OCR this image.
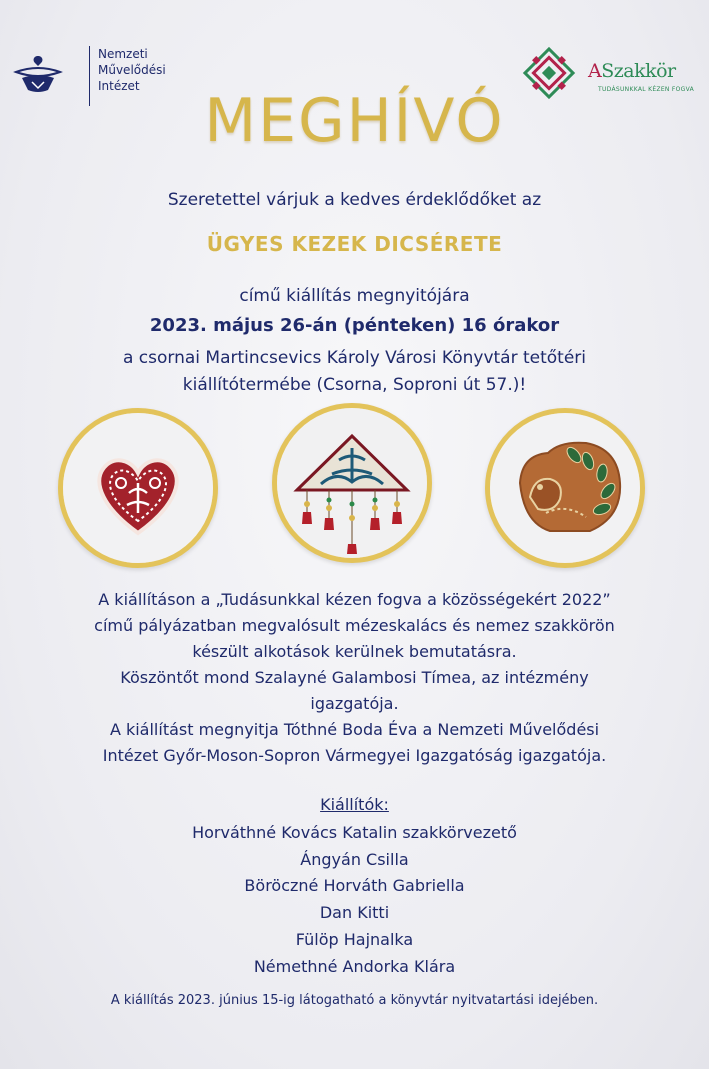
Nemzeti
Művelődési
Intézet
ASzakkör
TUDÁSUNKKAL KÉZEN FOGVA
MEGHÍVÓ
Szeretettel várjuk a kedves érdeklődőket az
ÜGYES KEZEK DICSÉRETE
című kiállítás megnyitójára
2023. május 26-án (pénteken) 16 órakor
a csornai Martincsevics Károly Városi Könyvtár tetőtéri
kiállítótermébe (Csorna, Soproni út 57.)!
A kiállításon a „Tudásunkkal kézen fogva a közösségekért 2022”
című pályázatban megvalósult mézeskalács és nemez szakkörön
készült alkotások kerülnek bemutatásra.
Köszöntőt mond Szalayné Galambosi Tímea, az intézmény
igazgatója.
A kiállítást megnyitja Tóthné Boda Éva a Nemzeti Művelődési
Intézet Győr-Moson-Sopron Vármegyei Igazgatóság igazgatója.
Kiállítók:
Horváthné Kovács Katalin szakkörvezető
Ángyán Csilla
Böröczné Horváth Gabriella
Dan Kitti
Fülöp Hajnalka
Némethné Andorka Klára
A kiállítás 2023. június 15-ig látogatható a könyvtár nyitvatartási idejében.
